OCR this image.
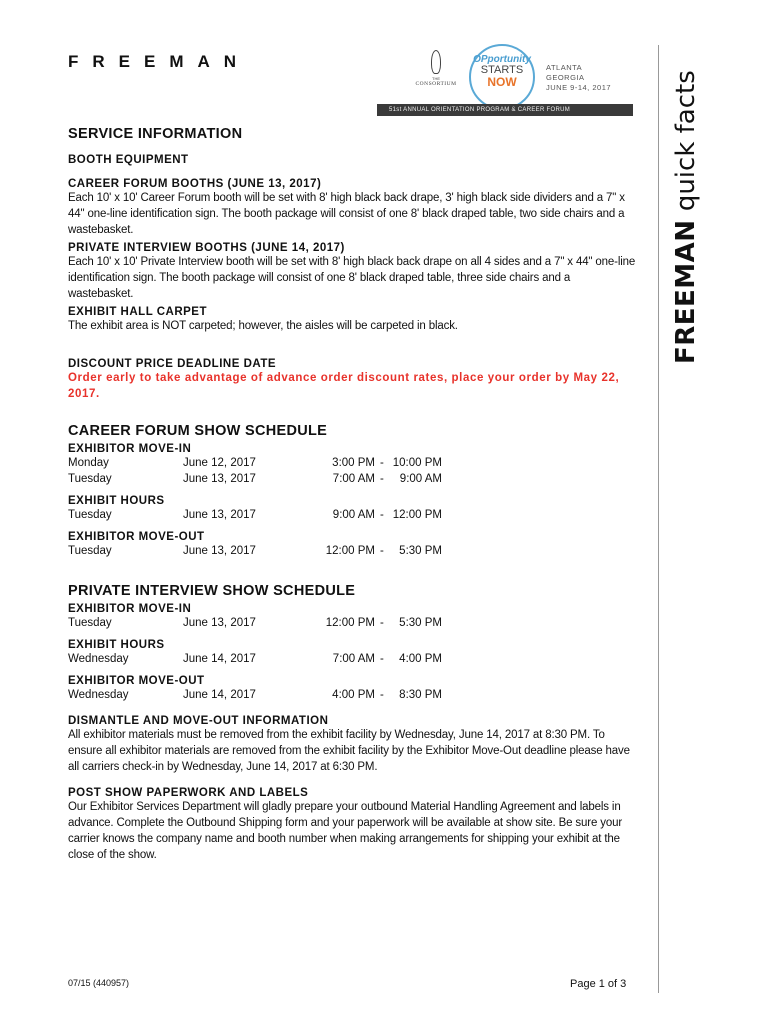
FREEMAN
THE
CONSORTIUM
OPportunity
STARTS
NOW
ATLANTA
GEORGIA
JUNE 9-14, 2017
51st ANNUAL ORIENTATION PROGRAM & CAREER FORUM
FREEMAN quick facts
SERVICE INFORMATION
BOOTH EQUIPMENT
CAREER FORUM BOOTHS (JUNE 13, 2017)
Each 10' x 10' Career Forum booth will be set with 8' high black back drape, 3' high black side dividers and a 7" x 44" one-line identification sign. The booth package will consist of one 8' black draped table, two side chairs and a wastebasket.
PRIVATE INTERVIEW BOOTHS (JUNE 14, 2017)
Each 10' x 10' Private Interview booth will be set with 8' high black back drape on all 4 sides and a 7" x 44" one-line identification sign. The booth package will consist of one 8' black draped table, three side chairs and a wastebasket.
EXHIBIT HALL CARPET
The exhibit area is NOT carpeted; however, the aisles will be carpeted in black.
DISCOUNT PRICE DEADLINE DATE
Order early to take advantage of advance order discount rates, place your order by May 22, 2017.
CAREER FORUM SHOW SCHEDULE
EXHIBITOR MOVE-IN
Monday	June 12, 2017	3:00 PM - 10:00 PM
Tuesday	June 13, 2017	7:00 AM -	9:00 AM
EXHIBIT HOURS
Tuesday	June 13, 2017	9:00 AM - 12:00 PM
EXHIBITOR MOVE-OUT
Tuesday	June 13, 2017	12:00 PM -	5:30 PM
PRIVATE INTERVIEW SHOW SCHEDULE
EXHIBITOR MOVE-IN
Tuesday	June 13, 2017	12:00 PM -	5:30 PM
EXHIBIT HOURS
Wednesday	June 14, 2017	7:00 AM -	4:00 PM
EXHIBITOR MOVE-OUT
Wednesday	June 14, 2017	4:00 PM -	8:30 PM
DISMANTLE AND MOVE-OUT INFORMATION
All exhibitor materials must be removed from the exhibit facility by Wednesday, June 14, 2017 at 8:30 PM. To ensure all exhibitor materials are removed from the exhibit facility by the Exhibitor Move-Out deadline please have all carriers check-in by Wednesday, June 14, 2017 at 6:30 PM.
POST SHOW PAPERWORK AND LABELS
Our Exhibitor Services Department will gladly prepare your outbound Material Handling Agreement and labels in advance. Complete the Outbound Shipping form and your paperwork will be available at show site. Be sure your carrier knows the company name and booth number when making arrangements for shipping your exhibit at the close of the show.
07/15 (440957)	Page 1 of 3
